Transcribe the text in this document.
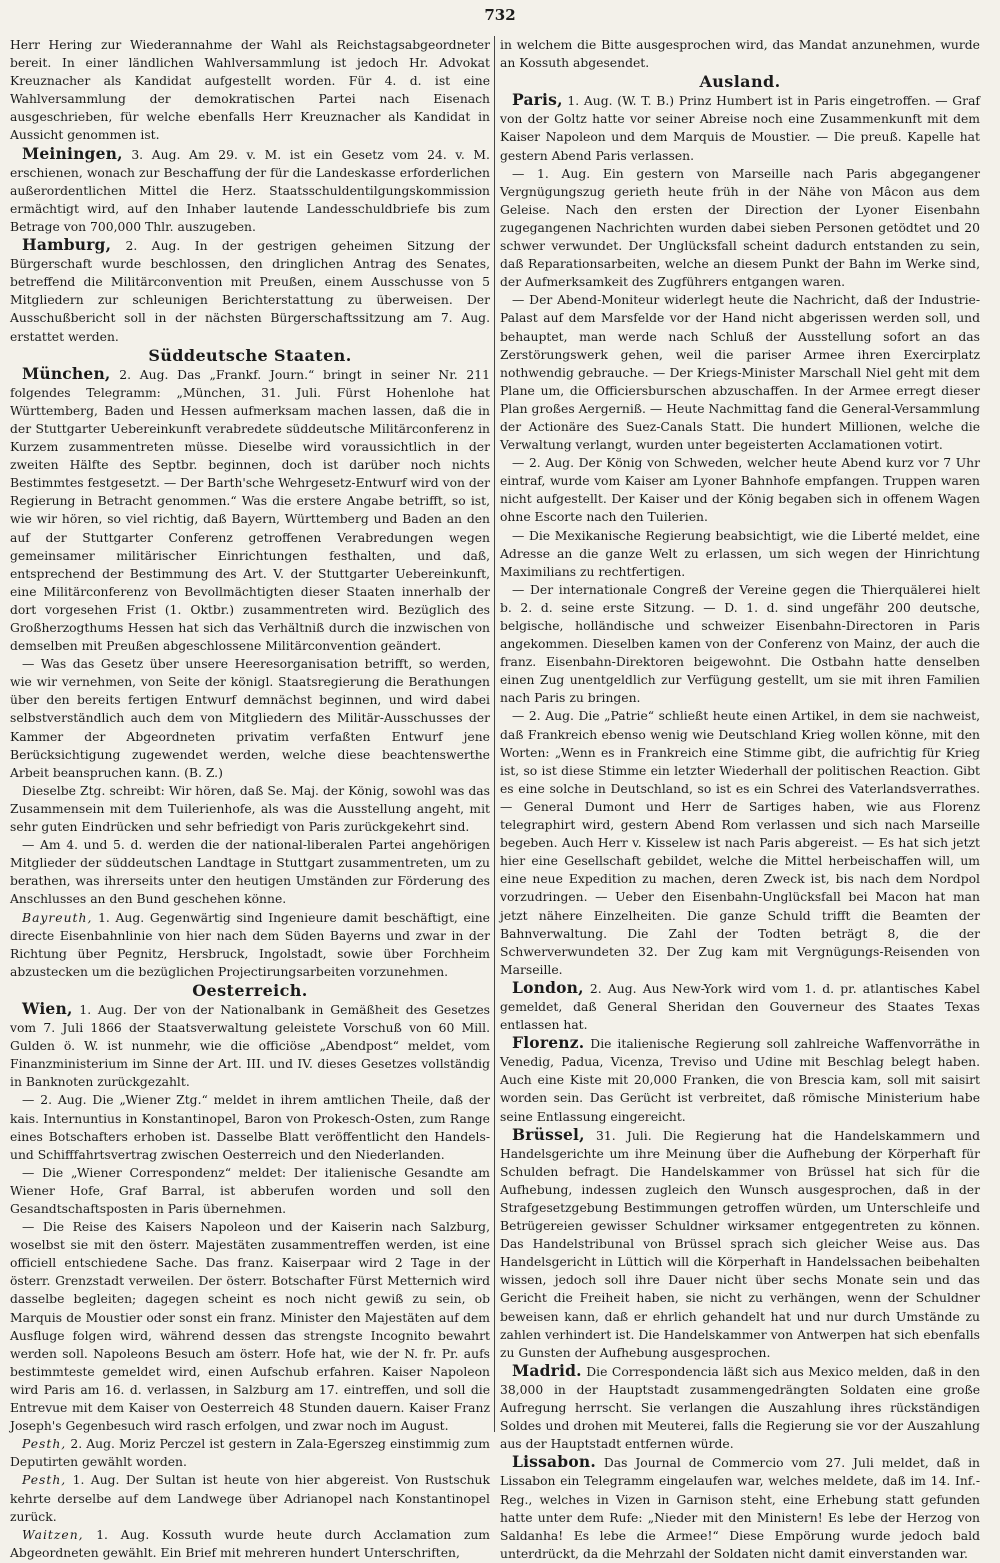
732

Herr Hering zur Wiederannahme der Wahl als Reichstagsabgeordneter bereit. In einer ländlichen Wahlversammlung ist jedoch Hr. Advokat Kreuznacher als Kandidat aufgestellt worden. Für 4. d. ist eine Wahlversammlung der demokratischen Partei nach Eisenach ausgeschrieben, für welche ebenfalls Herr Kreuznacher als Kandidat in Aussicht genommen ist.

Meiningen, 3. Aug. Am 29. v. M. ist ein Gesetz vom 24. v. M. erschienen, wonach zur Beschaffung der für die Landeskasse erforderlichen außerordentlichen Mittel die Herz. Staatsschuldentilgungskommission ermächtigt wird, auf den Inhaber lautende Landesschuldbriefe bis zum Betrage von 700,000 Thlr. auszugeben.

Hamburg, 2. Aug. In der gestrigen geheimen Sitzung der Bürgerschaft wurde beschlossen, den dringlichen Antrag des Senates, betreffend die Militärconvention mit Preußen, einem Ausschusse von 5 Mitgliedern zur schleunigen Berichterstattung zu überweisen. Der Ausschußbericht soll in der nächsten Bürgerschaftssitzung am 7. Aug. erstattet werden.

Süddeutsche Staaten.

München, 2. Aug. Das „Frankf. Journ.“ bringt in seiner Nr. 211 folgendes Telegramm: „München, 31. Juli. Fürst Hohenlohe hat Württemberg, Baden und Hessen aufmerksam machen lassen, daß die in der Stuttgarter Uebereinkunft verabredete süddeutsche Militärconferenz in Kurzem zusammentreten müsse. Dieselbe wird voraussichtlich in der zweiten Hälfte des Septbr. beginnen, doch ist darüber noch nichts Bestimmtes festgesetzt. — Der Barth'sche Wehrgesetz-Entwurf wird von der Regierung in Betracht genommen.“ Was die erstere Angabe betrifft, so ist, wie wir hören, so viel richtig, daß Bayern, Württemberg und Baden an den auf der Stuttgarter Conferenz getroffenen Verabredungen wegen gemeinsamer militärischer Einrichtungen festhalten, und daß, entsprechend der Bestimmung des Art. V. der Stuttgarter Uebereinkunft, eine Militärconferenz von Bevollmächtigten dieser Staaten innerhalb der dort vorgesehen Frist (1. Oktbr.) zusammentreten wird. Bezüglich des Großherzogthums Hessen hat sich das Verhältniß durch die inzwischen von demselben mit Preußen abgeschlossene Militärconvention geändert.

— Was das Gesetz über unsere Heeresorganisation betrifft, so werden, wie wir vernehmen, von Seite der königl. Staatsregierung die Berathungen über den bereits fertigen Entwurf demnächst beginnen, und wird dabei selbstverständlich auch dem von Mitgliedern des Militär-Ausschusses der Kammer der Abgeordneten privatim verfaßten Entwurf jene Berücksichtigung zugewendet werden, welche diese beachtenswerthe Arbeit beanspruchen kann. (B. Z.)

Dieselbe Ztg. schreibt: Wir hören, daß Se. Maj. der König, sowohl was das Zusammensein mit dem Tuilerienhofe, als was die Ausstellung angeht, mit sehr guten Eindrücken und sehr befriedigt von Paris zurückgekehrt sind.

— Am 4. und 5. d. werden die der national-liberalen Partei angehörigen Mitglieder der süddeutschen Landtage in Stuttgart zusammentreten, um zu berathen, was ihrerseits unter den heutigen Umständen zur Förderung des Anschlusses an den Bund geschehen könne.

Bayreuth, 1. Aug. Gegenwärtig sind Ingenieure damit beschäftigt, eine directe Eisenbahnlinie von hier nach dem Süden Bayerns und zwar in der Richtung über Pegnitz, Hersbruck, Ingolstadt, sowie über Forchheim abzustecken um die bezüglichen Projectirungsarbeiten vorzunehmen.

Oesterreich.

Wien, 1. Aug. Der von der Nationalbank in Gemäßheit des Gesetzes vom 7. Juli 1866 der Staatsverwaltung geleistete Vorschuß von 60 Mill. Gulden ö. W. ist nunmehr, wie die officiöse „Abendpost“ meldet, vom Finanzministerium im Sinne der Art. III. und IV. dieses Gesetzes vollständig in Banknoten zurückgezahlt.

— 2. Aug. Die „Wiener Ztg.“ meldet in ihrem amtlichen Theile, daß der kais. Internuntius in Konstantinopel, Baron von Prokesch-Osten, zum Range eines Botschafters erhoben ist. Dasselbe Blatt veröffentlicht den Handels- und Schifffahrtsvertrag zwischen Oesterreich und den Niederlanden.

— Die „Wiener Correspondenz“ meldet: Der italienische Gesandte am Wiener Hofe, Graf Barral, ist abberufen worden und soll den Gesandtschaftsposten in Paris übernehmen.

— Die Reise des Kaisers Napoleon und der Kaiserin nach Salzburg, woselbst sie mit den österr. Majestäten zusammentreffen werden, ist eine officiell entschiedene Sache. Das franz. Kaiserpaar wird 2 Tage in der österr. Grenzstadt verweilen. Der österr. Botschafter Fürst Metternich wird dasselbe begleiten; dagegen scheint es noch nicht gewiß zu sein, ob Marquis de Moustier oder sonst ein franz. Minister den Majestäten auf dem Ausfluge folgen wird, während dessen das strengste Incognito bewahrt werden soll. Napoleons Besuch am österr. Hofe hat, wie der N. fr. Pr. aufs bestimmteste gemeldet wird, einen Aufschub erfahren. Kaiser Napoleon wird Paris am 16. d. verlassen, in Salzburg am 17. eintreffen, und soll die Entrevue mit dem Kaiser von Oesterreich 48 Stunden dauern. Kaiser Franz Joseph's Gegenbesuch wird rasch erfolgen, und zwar noch im August.

Pesth, 2. Aug. Moriz Perczel ist gestern in Zala-Egerszeg einstimmig zum Deputirten gewählt worden.

Pesth, 1. Aug. Der Sultan ist heute von hier abgereist. Von Rustschuk kehrte derselbe auf dem Landwege über Adrianopel nach Konstantinopel zurück.

Waitzen, 1. Aug. Kossuth wurde heute durch Acclamation zum Abgeordneten gewählt. Ein Brief mit mehreren hundert Unterschriften,

in welchem die Bitte ausgesprochen wird, das Mandat anzunehmen, wurde an Kossuth abgesendet.

Ausland.

Paris, 1. Aug. (W. T. B.) Prinz Humbert ist in Paris eingetroffen. — Graf von der Goltz hatte vor seiner Abreise noch eine Zusammenkunft mit dem Kaiser Napoleon und dem Marquis de Moustier. — Die preuß. Kapelle hat gestern Abend Paris verlassen.

— 1. Aug. Ein gestern von Marseille nach Paris abgegangener Vergnügungszug gerieth heute früh in der Nähe von Mâcon aus dem Geleise. Nach den ersten der Direction der Lyoner Eisenbahn zugegangenen Nachrichten wurden dabei sieben Personen getödtet und 20 schwer verwundet. Der Unglücksfall scheint dadurch entstanden zu sein, daß Reparationsarbeiten, welche an diesem Punkt der Bahn im Werke sind, der Aufmerksamkeit des Zugführers entgangen waren.

— Der Abend-Moniteur widerlegt heute die Nachricht, daß der Industrie-Palast auf dem Marsfelde vor der Hand nicht abgerissen werden soll, und behauptet, man werde nach Schluß der Ausstellung sofort an das Zerstörungswerk gehen, weil die pariser Armee ihren Exercirplatz nothwendig gebrauche. — Der Kriegs-Minister Marschall Niel geht mit dem Plane um, die Officiersburschen abzuschaffen. In der Armee erregt dieser Plan großes Aergerniß. — Heute Nachmittag fand die General-Versammlung der Actionäre des Suez-Canals Statt. Die hundert Millionen, welche die Verwaltung verlangt, wurden unter begeisterten Acclamationen votirt.

— 2. Aug. Der König von Schweden, welcher heute Abend kurz vor 7 Uhr eintraf, wurde vom Kaiser am Lyoner Bahnhofe empfangen. Truppen waren nicht aufgestellt. Der Kaiser und der König begaben sich in offenem Wagen ohne Escorte nach den Tuilerien.

— Die Mexikanische Regierung beabsichtigt, wie die Liberté meldet, eine Adresse an die ganze Welt zu erlassen, um sich wegen der Hinrichtung Maximilians zu rechtfertigen.

— Der internationale Congreß der Vereine gegen die Thierquälerei hielt b. 2. d. seine erste Sitzung. — D. 1. d. sind ungefähr 200 deutsche, belgische, holländische und schweizer Eisenbahn-Directoren in Paris angekommen. Dieselben kamen von der Conferenz von Mainz, der auch die franz. Eisenbahn-Direktoren beigewohnt. Die Ostbahn hatte denselben einen Zug unentgeldlich zur Verfügung gestellt, um sie mit ihren Familien nach Paris zu bringen.

— 2. Aug. Die „Patrie“ schließt heute einen Artikel, in dem sie nachweist, daß Frankreich ebenso wenig wie Deutschland Krieg wollen könne, mit den Worten: „Wenn es in Frankreich eine Stimme gibt, die aufrichtig für Krieg ist, so ist diese Stimme ein letzter Wiederhall der politischen Reaction. Gibt es eine solche in Deutschland, so ist es ein Schrei des Vaterlandsverrathes. — General Dumont und Herr de Sartiges haben, wie aus Florenz telegraphirt wird, gestern Abend Rom verlassen und sich nach Marseille begeben. Auch Herr v. Kisselew ist nach Paris abgereist. — Es hat sich jetzt hier eine Gesellschaft gebildet, welche die Mittel herbeischaffen will, um eine neue Expedition zu machen, deren Zweck ist, bis nach dem Nordpol vorzudringen. — Ueber den Eisenbahn-Unglücksfall bei Macon hat man jetzt nähere Einzelheiten. Die ganze Schuld trifft die Beamten der Bahnverwaltung. Die Zahl der Todten beträgt 8, die der Schwerverwundeten 32. Der Zug kam mit Vergnügungs-Reisenden von Marseille.

London, 2. Aug. Aus New-York wird vom 1. d. pr. atlantisches Kabel gemeldet, daß General Sheridan den Gouverneur des Staates Texas entlassen hat.

Florenz. Die italienische Regierung soll zahlreiche Waffenvorräthe in Venedig, Padua, Vicenza, Treviso und Udine mit Beschlag belegt haben. Auch eine Kiste mit 20,000 Franken, die von Brescia kam, soll mit saisirt worden sein. Das Gerücht ist verbreitet, daß römische Ministerium habe seine Entlassung eingereicht.

Brüssel, 31. Juli. Die Regierung hat die Handelskammern und Handelsgerichte um ihre Meinung über die Aufhebung der Körperhaft für Schulden befragt. Die Handelskammer von Brüssel hat sich für die Aufhebung, indessen zugleich den Wunsch ausgesprochen, daß in der Strafgesetzgebung Bestimmungen getroffen würden, um Unterschleife und Betrügereien gewisser Schuldner wirksamer entgegentreten zu können. Das Handelstribunal von Brüssel sprach sich gleicher Weise aus. Das Handelsgericht in Lüttich will die Körperhaft in Handelssachen beibehalten wissen, jedoch soll ihre Dauer nicht über sechs Monate sein und das Gericht die Freiheit haben, sie nicht zu verhängen, wenn der Schuldner beweisen kann, daß er ehrlich gehandelt hat und nur durch Umstände zu zahlen verhindert ist. Die Handelskammer von Antwerpen hat sich ebenfalls zu Gunsten der Aufhebung ausgesprochen.

Madrid. Die Correspondencia läßt sich aus Mexico melden, daß in den 38,000 in der Hauptstadt zusammengedrängten Soldaten eine große Aufregung herrscht. Sie verlangen die Auszahlung ihres rückständigen Soldes und drohen mit Meuterei, falls die Regierung sie vor der Auszahlung aus der Hauptstadt entfernen würde.

Lissabon. Das Journal de Commercio vom 27. Juli meldet, daß in Lissabon ein Telegramm eingelaufen war, welches meldete, daß im 14. Inf.-Reg., welches in Vizen in Garnison steht, eine Erhebung statt gefunden hatte unter dem Rufe: „Nieder mit den Ministern! Es lebe der Herzog von Saldanha! Es lebe die Armee!“ Diese Empörung wurde jedoch bald unterdrückt, da die Mehrzahl der Soldaten nicht damit einverstanden war.
